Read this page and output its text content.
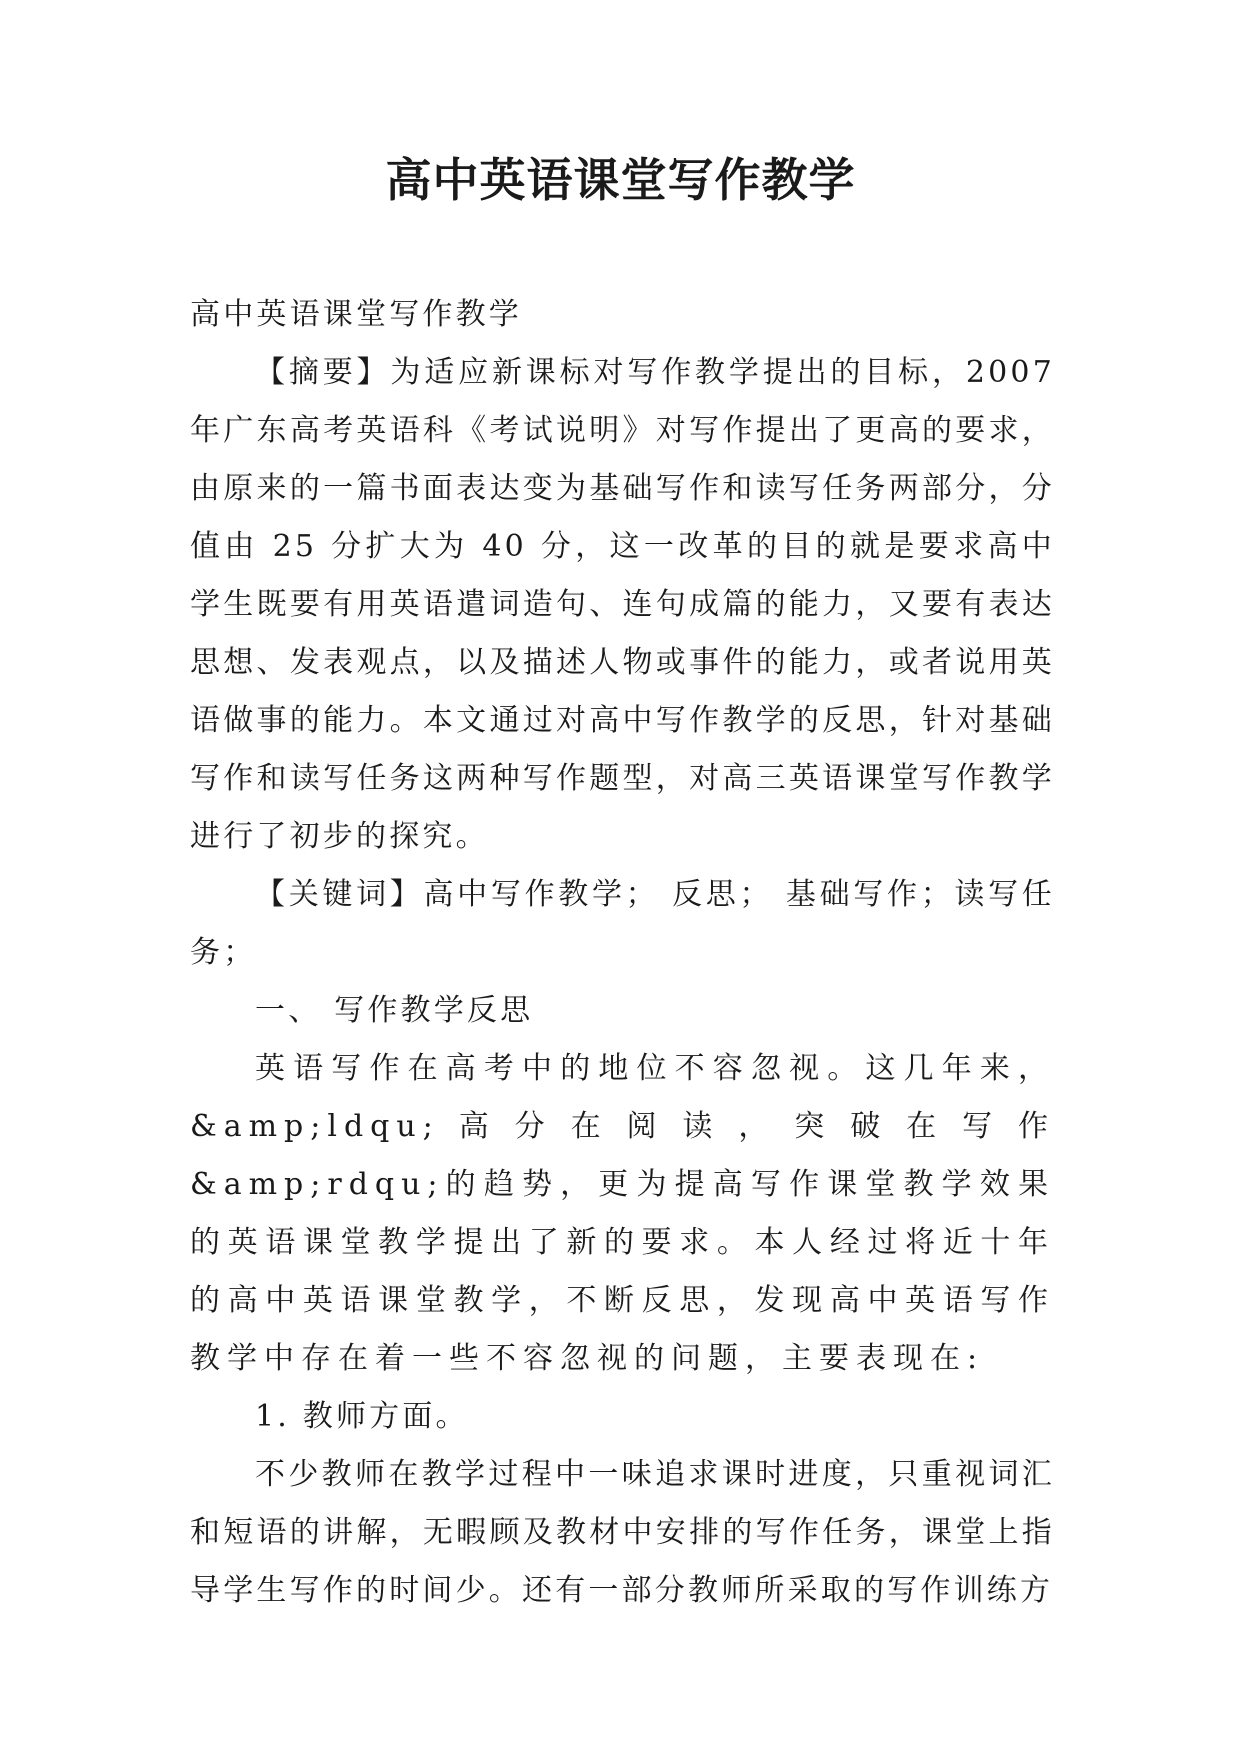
高中英语课堂写作教学

高中英语课堂写作教学

【摘要】为适应新课标对写作教学提出的目标，2007 年广东高考英语科《考试说明》对写作提出了更高的要求，由原来的一篇书面表达变为基础写作和读写任务两部分，分值由 25 分扩大为 40 分，这一改革的目的就是要求高中学生既要有用英语遣词造句、连句成篇的能力，又要有表达思想、发表观点，以及描述人物或事件的能力，或者说用英语做事的能力。本文通过对高中写作教学的反思，针对基础写作和读写任务这两种写作题型，对高三英语课堂写作教学进行了初步的探究。

【关键词】高中写作教学； 反思； 基础写作；读写任务；

一、 写作教学反思

英语写作在高考中的地位不容忽视。这几年来，&amp;ldqu;高分在阅读，突破在写作&amp;rdqu;的趋势，更为提高写作课堂教学效果的英语课堂教学提出了新的要求。本人经过将近十年的高中英语课堂教学，不断反思，发现高中英语写作教学中存在着一些不容忽视的问题，主要表现在:

1. 教师方面。

不少教师在教学过程中一味追求课时进度，只重视词汇和短语的讲解，无暇顾及教材中安排的写作任务，课堂上指导学生写作的时间少。还有一部分教师所采取的写作训练方
